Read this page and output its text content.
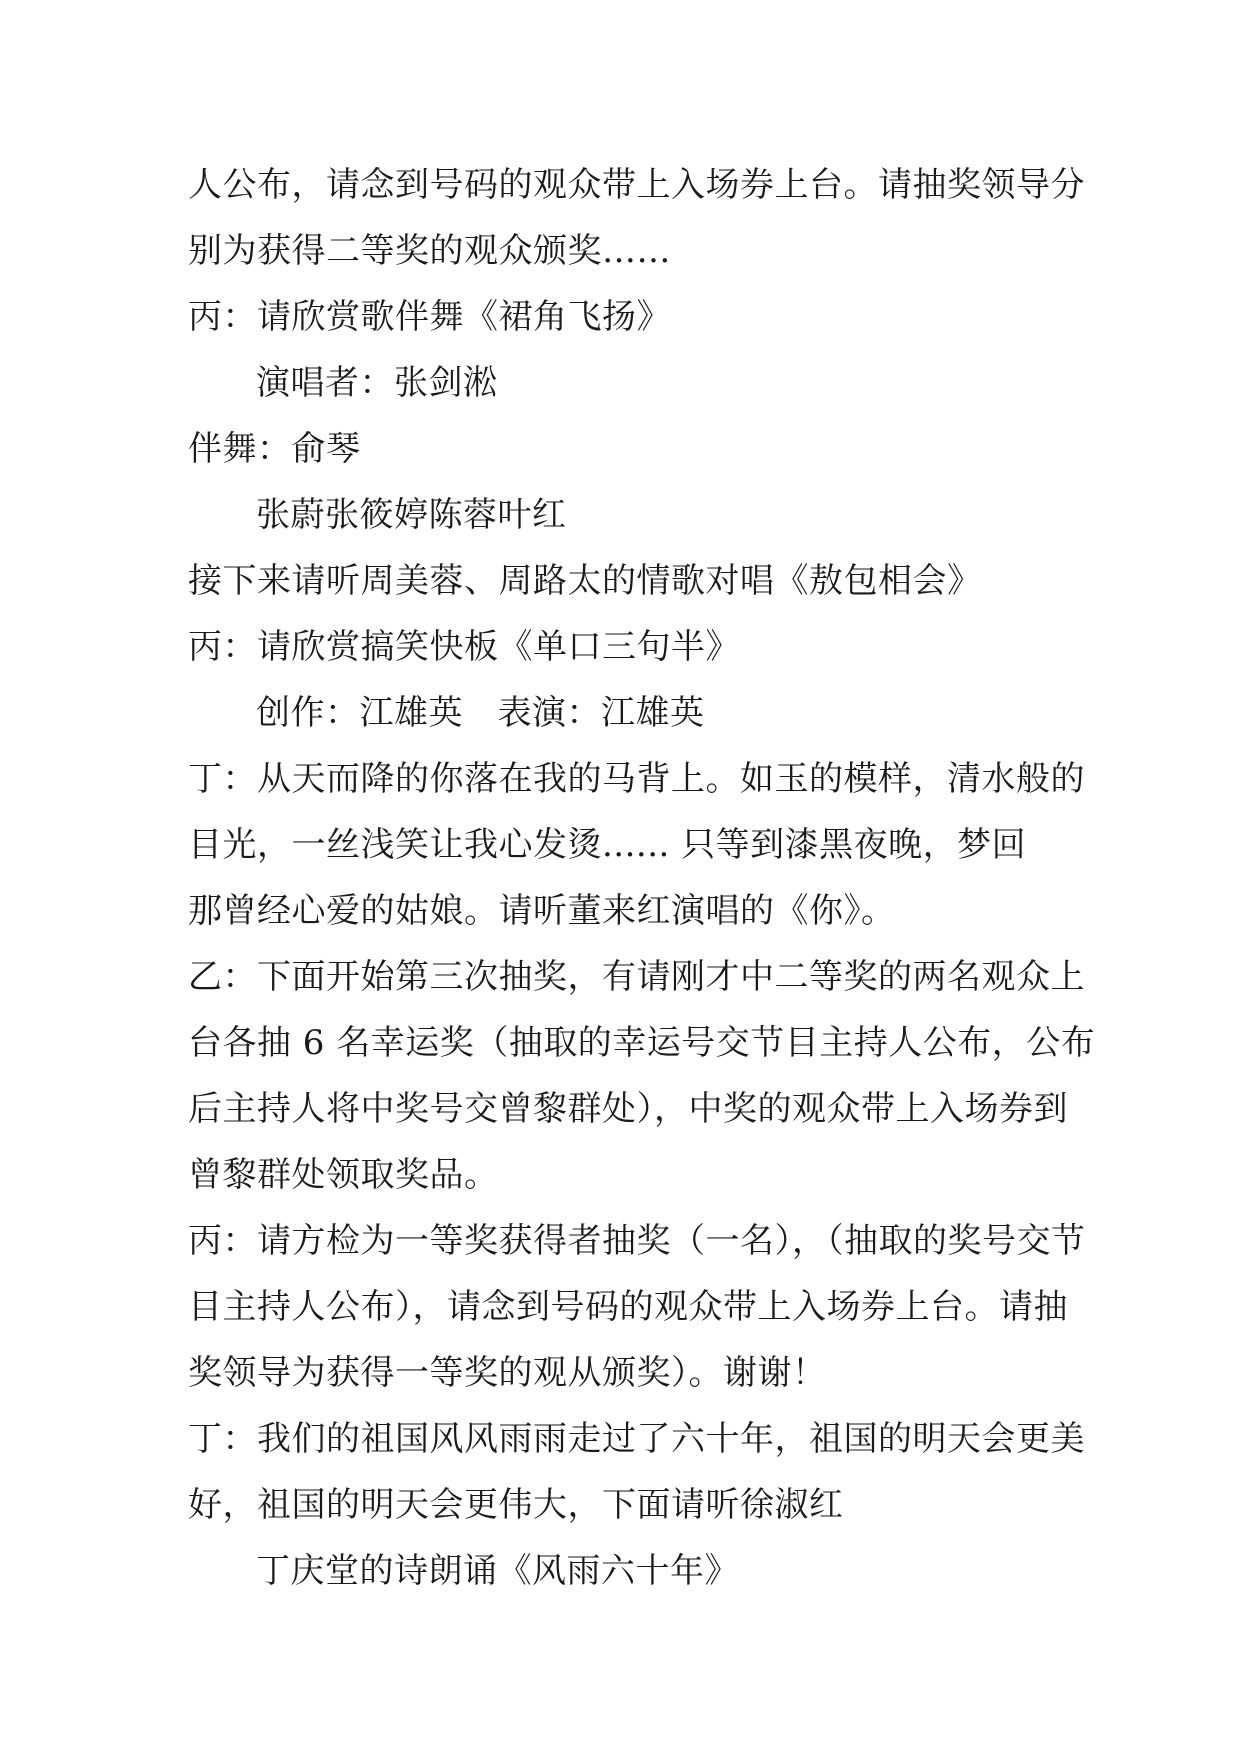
人公布，请念到号码的观众带上入场券上台。请抽奖领导分
别为获得二等奖的观众颁奖……
丙：请欣赏歌伴舞《裙角飞扬》
演唱者：张剑淞
伴舞：俞琴
张蔚张筱婷陈蓉叶红
接下来请听周美蓉、周路太的情歌对唱《敖包相会》
丙：请欣赏搞笑快板《单口三句半》
创作：江雄英　表演：江雄英
丁：从天而降的你落在我的马背上。如玉的模样，清水般的
目光，一丝浅笑让我心发烫...... 只等到漆黑夜晚，梦回
那曾经心爱的姑娘。请听董来红演唱的《你》。
乙：下面开始第三次抽奖，有请刚才中二等奖的两名观众上
台各抽 6 名幸运奖（抽取的幸运号交节目主持人公布，公布
后主持人将中奖号交曾黎群处），中奖的观众带上入场券到
曾黎群处领取奖品。
丙：请方检为一等奖获得者抽奖（一名），（抽取的奖号交节
目主持人公布），请念到号码的观众带上入场券上台。请抽
奖领导为获得一等奖的观从颁奖）。谢谢！
丁：我们的祖国风风雨雨走过了六十年，祖国的明天会更美
好，祖国的明天会更伟大，下面请听徐淑红
丁庆堂的诗朗诵《风雨六十年》
